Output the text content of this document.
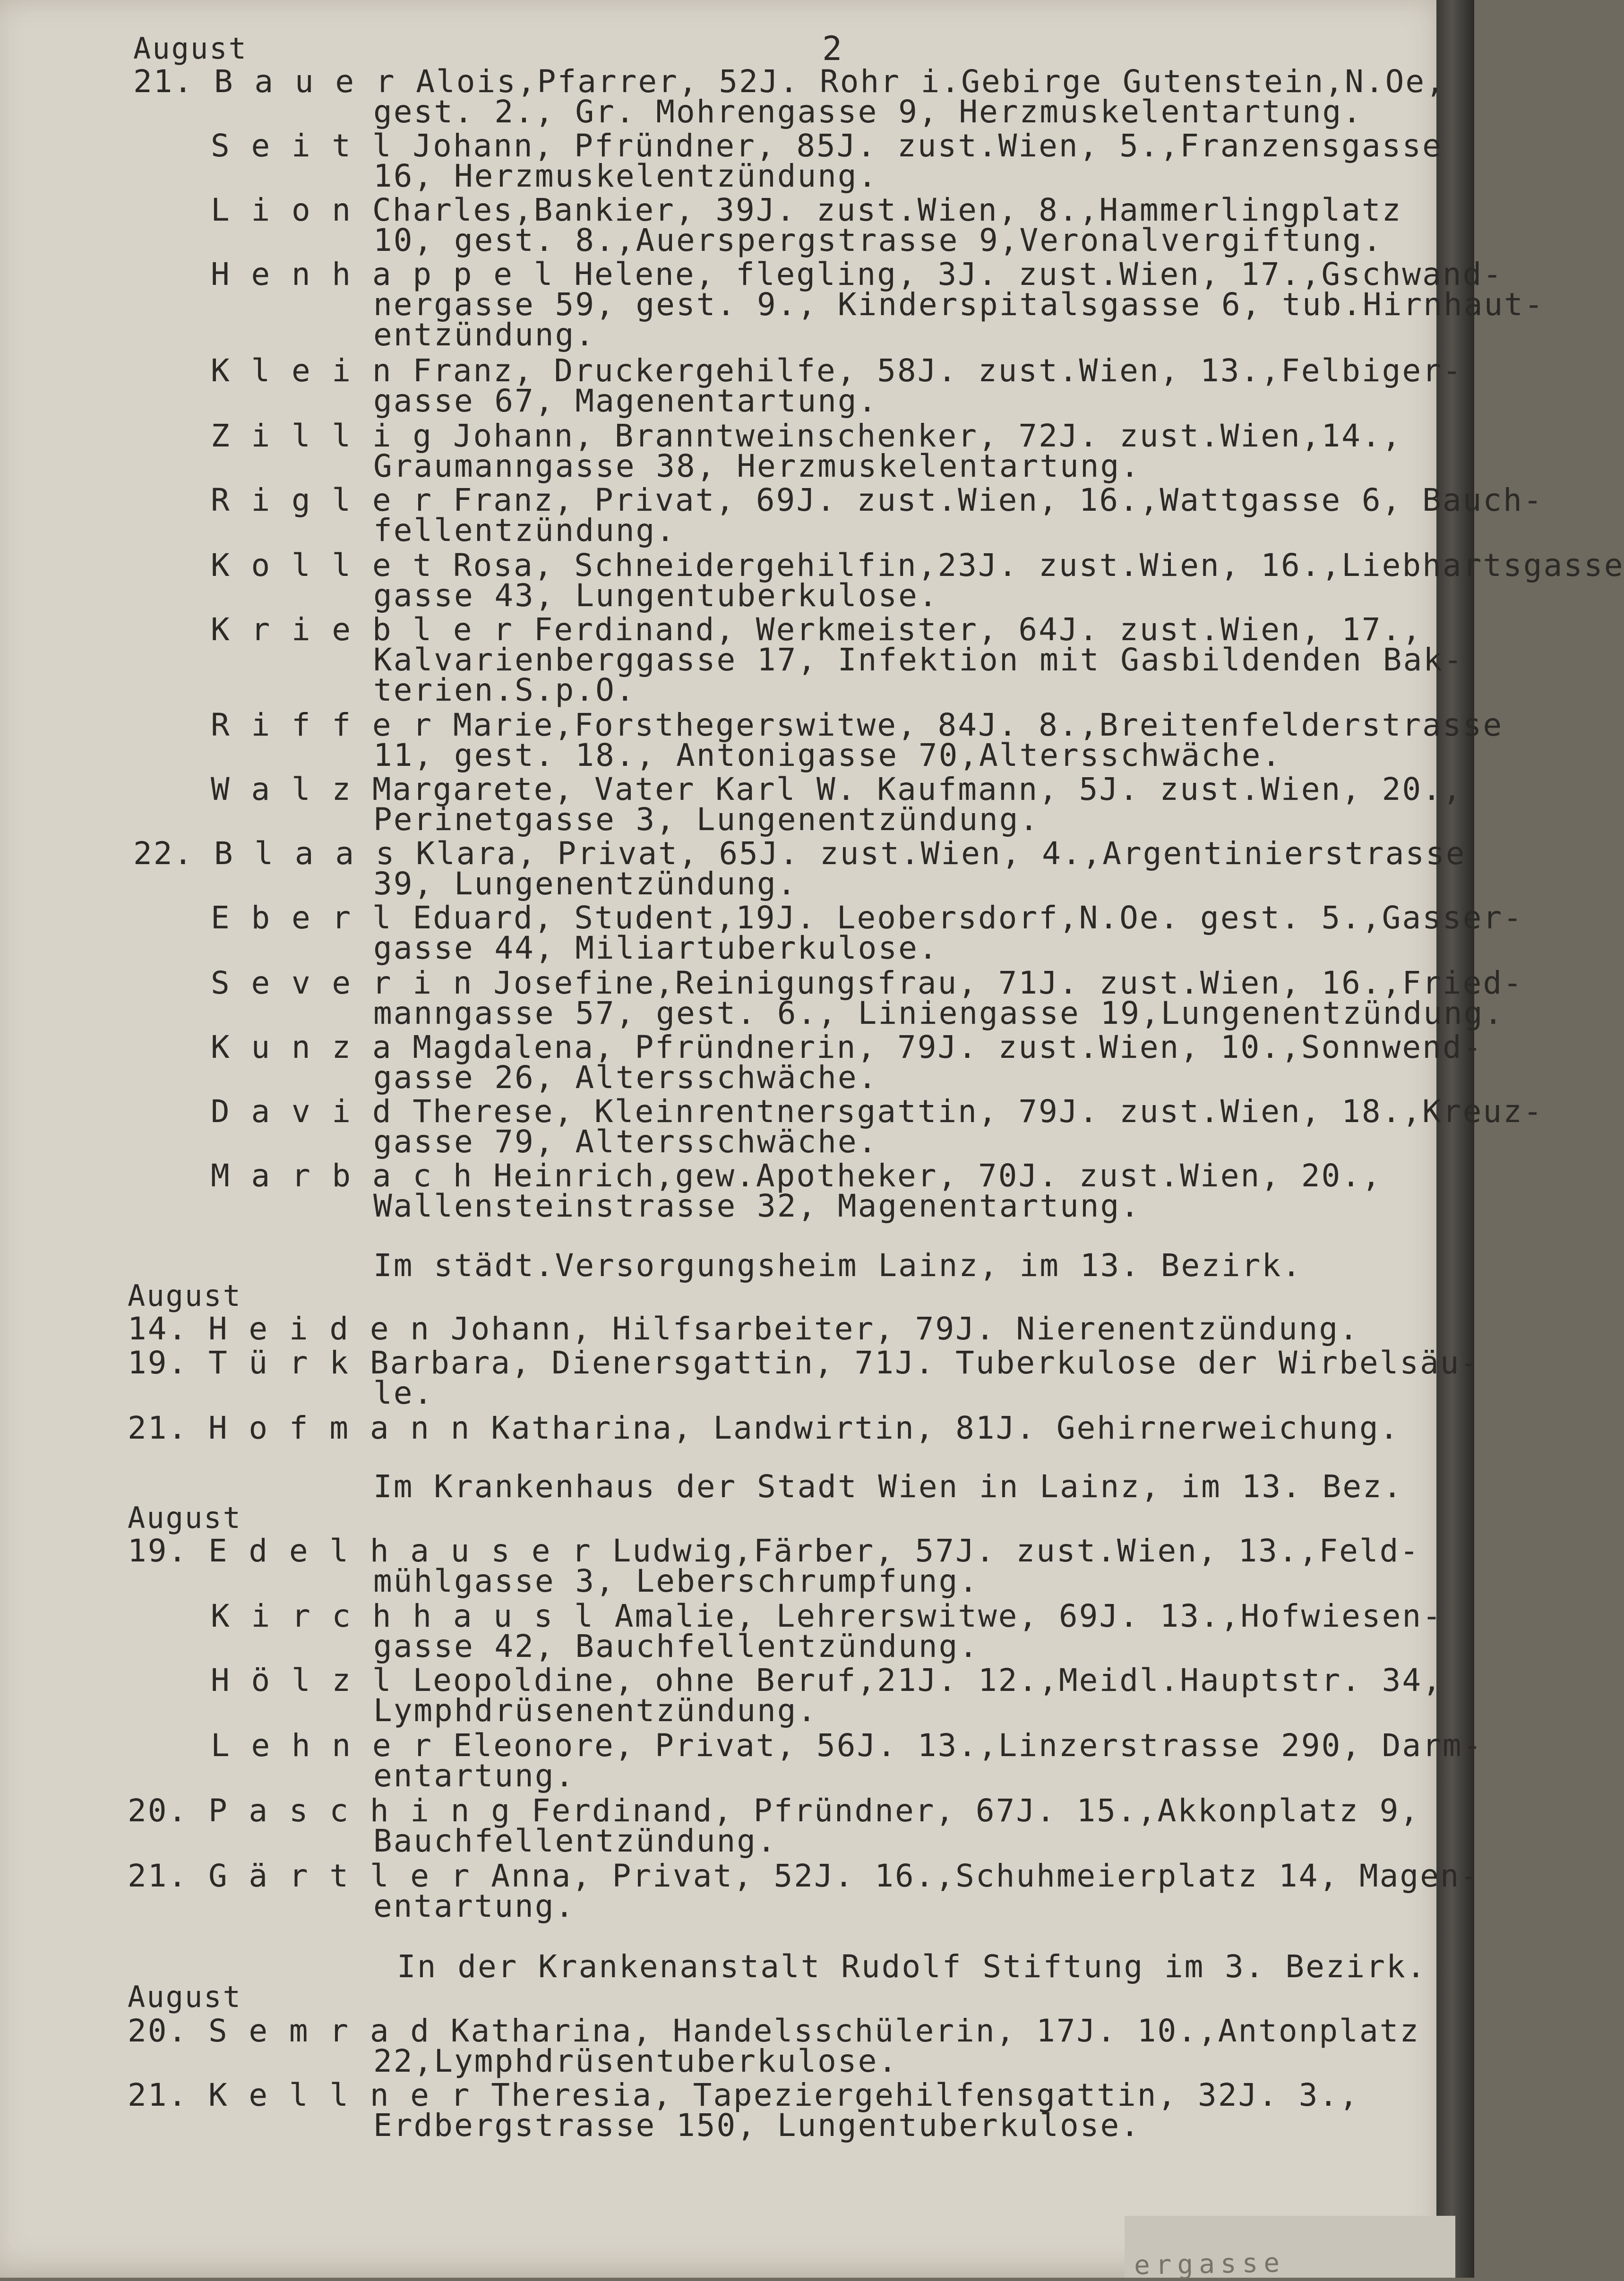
ergasse
2
August
21. B a u e r Alois,Pfarrer, 52J. Rohr i.Gebirge Gutenstein,N.Oe,
gest. 2., Gr. Mohrengasse 9, Herzmuskelentartung.
S e i t l Johann, Pfründner, 85J. zust.Wien, 5.,Franzensgasse
16, Herzmuskelentzündung.
L i o n Charles,Bankier, 39J. zust.Wien, 8.,Hammerlingplatz
10, gest. 8.,Auerspergstrasse 9,Veronalvergiftung.
H e n h a p p e l Helene, flegling, 3J. zust.Wien, 17.,Gschwand-
nergasse 59, gest. 9., Kinderspitalsgasse 6, tub.Hirnhaut-
entzündung.
K l e i n Franz, Druckergehilfe, 58J. zust.Wien, 13.,Felbiger-
gasse 67, Magenentartung.
Z i l l i g Johann, Branntweinschenker, 72J. zust.Wien,14.,
Graumanngasse 38, Herzmuskelentartung.
R i g l e r Franz, Privat, 69J. zust.Wien, 16.,Wattgasse 6, Bauch-
fellentzündung.
K o l l e t Rosa, Schneidergehilfin,23J. zust.Wien, 16.,Liebhartsgasse
gasse 43, Lungentuberkulose.
K r i e b l e r Ferdinand, Werkmeister, 64J. zust.Wien, 17.,
Kalvarienberggasse 17, Infektion mit Gasbildenden Bak-
terien.S.p.O.
R i f f e r Marie,Forsthegerswitwe, 84J. 8.,Breitenfelderstrasse
11, gest. 18., Antonigasse 70,Altersschwäche.
W a l z Margarete, Vater Karl W. Kaufmann, 5J. zust.Wien, 20.,
Perinetgasse 3, Lungenentzündung.
22. B l a a s Klara, Privat, 65J. zust.Wien, 4.,Argentinierstrasse
39, Lungenentzündung.
E b e r l Eduard, Student,19J. Leobersdorf,N.Oe. gest. 5.,Gasser-
gasse 44, Miliartuberkulose.
S e v e r i n Josefine,Reinigungsfrau, 71J. zust.Wien, 16.,Fried-
manngasse 57, gest. 6., Liniengasse 19,Lungenentzündung.
K u n z a Magdalena, Pfründnerin, 79J. zust.Wien, 10.,Sonnwend-
gasse 26, Altersschwäche.
D a v i d Therese, Kleinrentnersgattin, 79J. zust.Wien, 18.,Kreuz-
gasse 79, Altersschwäche.
M a r b a c h Heinrich,gew.Apotheker, 70J. zust.Wien, 20.,
Wallensteinstrasse 32, Magenentartung.
Im städt.Versorgungsheim Lainz, im 13. Bezirk.
August
14. H e i d e n Johann, Hilfsarbeiter, 79J. Nierenentzündung.
19. T ü r k Barbara, Dienersgattin, 71J. Tuberkulose der Wirbelsäu-
le.
21. H o f m a n n Katharina, Landwirtin, 81J. Gehirnerweichung.
Im Krankenhaus der Stadt Wien in Lainz, im 13. Bez.
August
19. E d e l h a u s e r Ludwig,Färber, 57J. zust.Wien, 13.,Feld-
mühlgasse 3, Leberschrumpfung.
K i r c h h a u s l Amalie, Lehrerswitwe, 69J. 13.,Hofwiesen-
gasse 42, Bauchfellentzündung.
H ö l z l Leopoldine, ohne Beruf,21J. 12.,Meidl.Hauptstr. 34,
Lymphdrüsenentzündung.
L e h n e r Eleonore, Privat, 56J. 13.,Linzerstrasse 290, Darm-
entartung.
20. P a s c h i n g Ferdinand, Pfründner, 67J. 15.,Akkonplatz 9,
Bauchfellentzündung.
21. G ä r t l e r Anna, Privat, 52J. 16.,Schuhmeierplatz 14, Magen-
entartung.
In der Krankenanstalt Rudolf Stiftung im 3. Bezirk.
August
20. S e m r a d Katharina, Handelsschülerin, 17J. 10.,Antonplatz
22,Lymphdrüsentuberkulose.
21. K e l l n e r Theresia, Tapeziergehilfensgattin, 32J. 3.,
Erdbergstrasse 150, Lungentuberkulose.
